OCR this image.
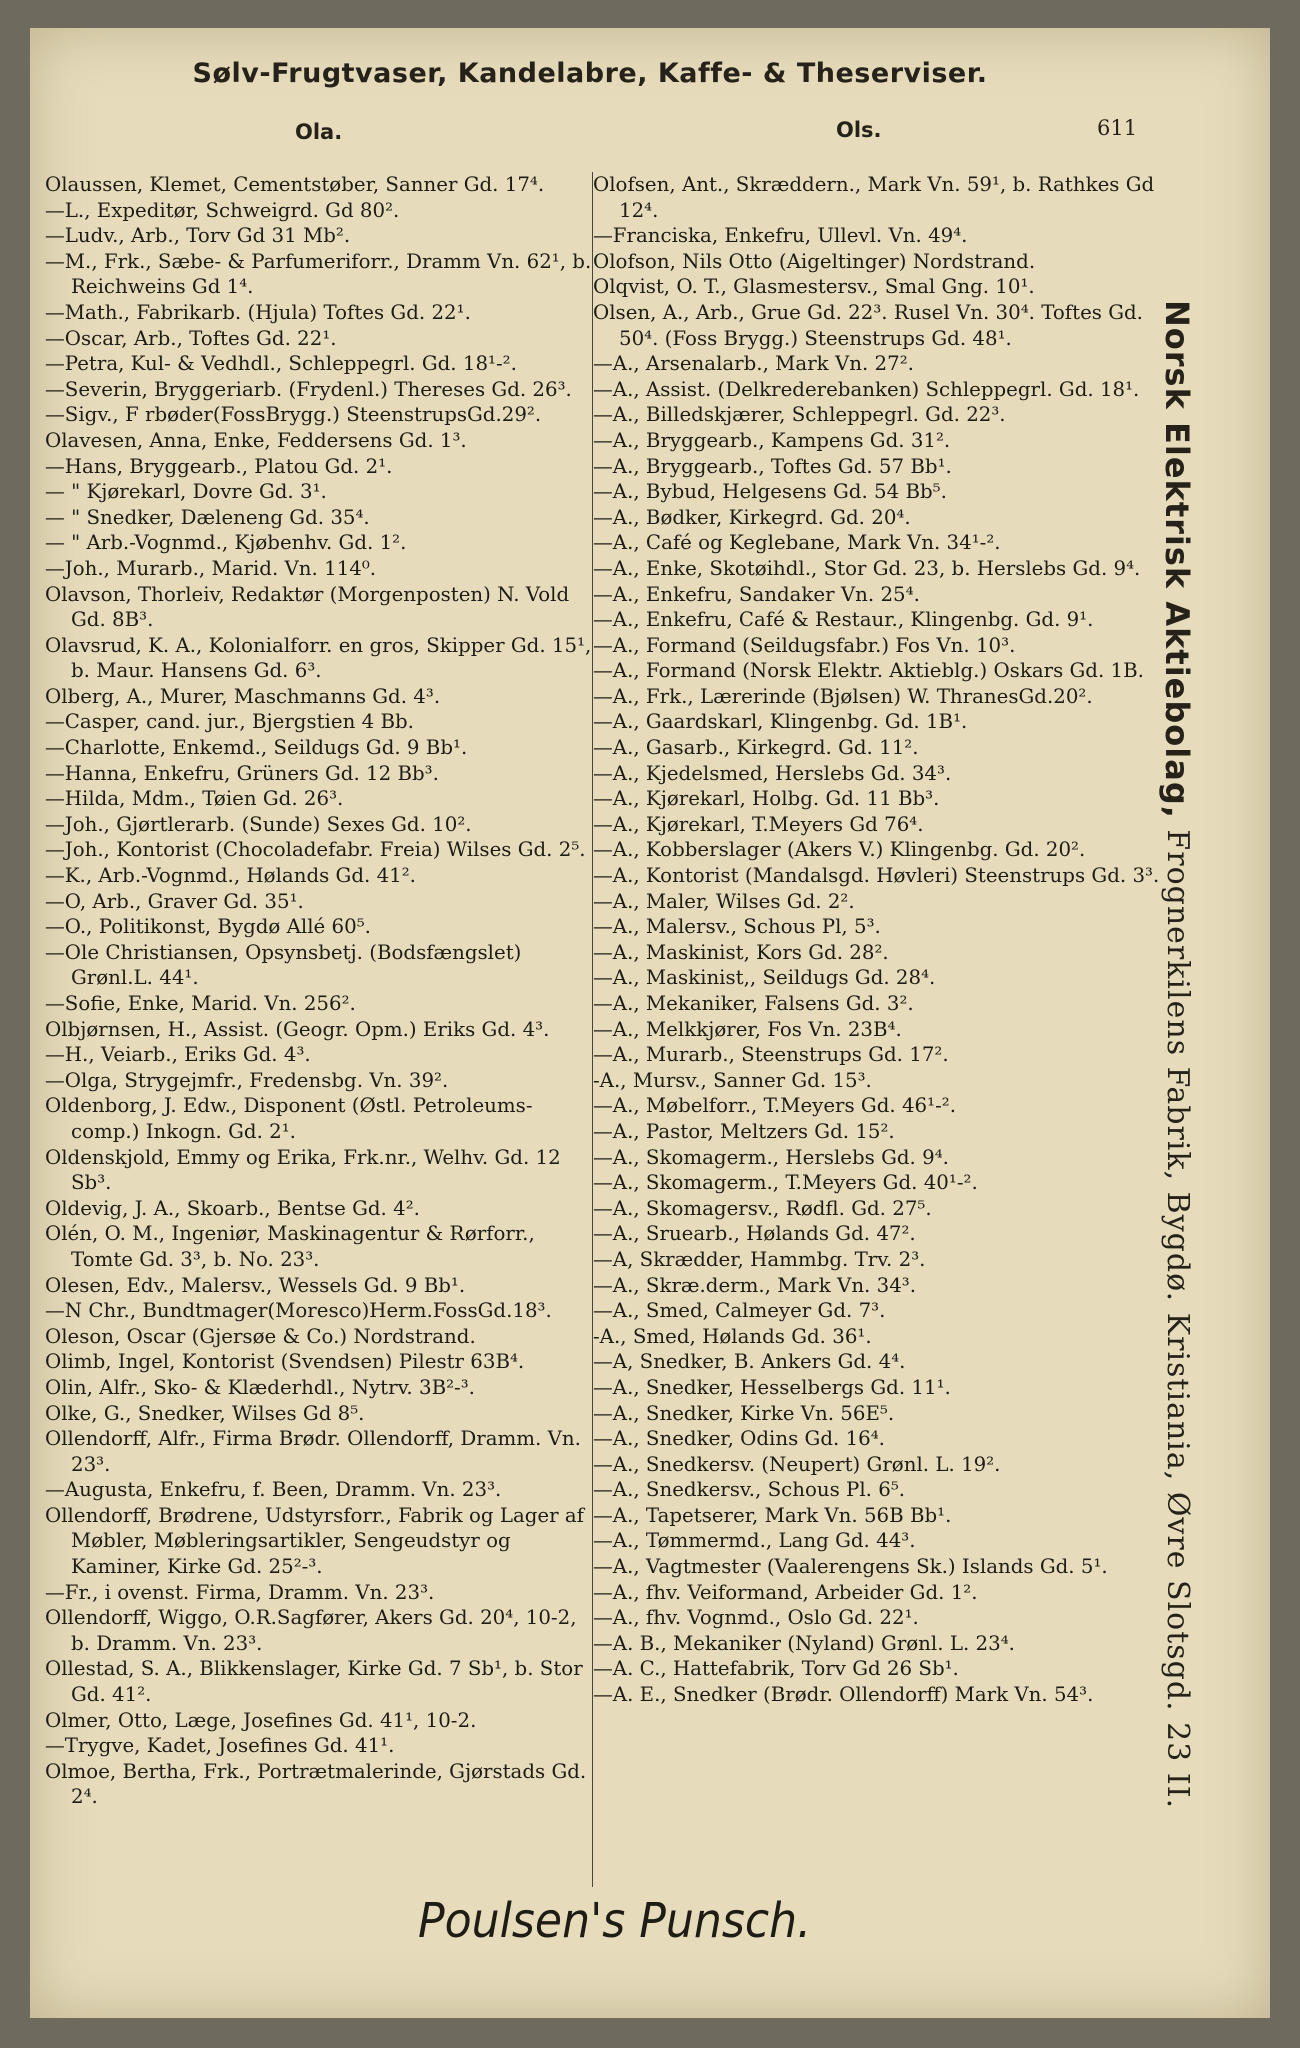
Sølv-Frugtvaser, Kandelabre, Kaffe- & Theserviser.
Ola.	Ols.	611
Olaussen, Klemet, Cementstøber, Sanner Gd. 17⁴.
—L., Expeditør, Schweigrd. Gd 80².
—Ludv., Arb., Torv Gd 31 Mb².
—M., Frk., Sæbe- & Parfumeriforr., Dramm Vn. 62¹, b. Reichweins Gd 1⁴.
—Math., Fabrikarb. (Hjula) Toftes Gd. 22¹.
—Oscar, Arb., Toftes Gd. 22¹.
—Petra, Kul- & Vedhdl., Schleppegrl. Gd. 18¹-².
—Severin, Bryggeriarb. (Frydenl.) Thereses Gd. 26³.
—Sigv., F rbøder(FossBrygg.) SteenstrupsGd.29².
Olavesen, Anna, Enke, Feddersens Gd. 1³.
—Hans, Bryggearb., Platou Gd. 2¹.
— " Kjørekarl, Dovre Gd. 3¹.
— " Snedker, Dæleneng Gd. 35⁴.
— " Arb.-Vognmd., Kjøbenhv. Gd. 1².
—Joh., Murarb., Marid. Vn. 114⁰.
Olavson, Thorleiv, Redaktør (Morgenposten) N. Vold Gd. 8B³.
Olavsrud, K. A., Kolonialforr. en gros, Skipper Gd. 15¹, b. Maur. Hansens Gd. 6³.
Olberg, A., Murer, Maschmanns Gd. 4³.
—Casper, cand. jur., Bjergstien 4 Bb.
—Charlotte, Enkemd., Seildugs Gd. 9 Bb¹.
—Hanna, Enkefru, Grüners Gd. 12 Bb³.
—Hilda, Mdm., Tøien Gd. 26³.
—Joh., Gjørtlerarb. (Sunde) Sexes Gd. 10².
—Joh., Kontorist (Chocoladefabr. Freia) Wilses Gd. 2⁵.
—K., Arb.-Vognmd., Hølands Gd. 41².
—O, Arb., Graver Gd. 35¹.
—O., Politikonst, Bygdø Allé 60⁵.
—Ole Christiansen, Opsynsbetj. (Bodsfængslet) Grønl.L. 44¹.
—Sofie, Enke, Marid. Vn. 256².
Olbjørnsen, H., Assist. (Geogr. Opm.) Eriks Gd. 4³.
—H., Veiarb., Eriks Gd. 4³.
—Olga, Strygejmfr., Fredensbg. Vn. 39².
Oldenborg, J. Edw., Disponent (Østl. Petroleums-comp.) Inkogn. Gd. 2¹.
Oldenskjold, Emmy og Erika, Frk.nr., Welhv. Gd. 12 Sb³.
Oldevig, J. A., Skoarb., Bentse Gd. 4².
Olén, O. M., Ingeniør, Maskinagentur & Rørforr., Tomte Gd. 3³, b. No. 23³.
Olesen, Edv., Malersv., Wessels Gd. 9 Bb¹.
—N Chr., Bundtmager(Moresco)Herm.FossGd.18³.
Oleson, Oscar (Gjersøe & Co.) Nordstrand.
Olimb, Ingel, Kontorist (Svendsen) Pilestr 63B⁴.
Olin, Alfr., Sko- & Klæderhdl., Nytrv. 3B²-³.
Olke, G., Snedker, Wilses Gd 8⁵.
Ollendorff, Alfr., Firma Brødr. Ollendorff, Dramm. Vn. 23³.
—Augusta, Enkefru, f. Been, Dramm. Vn. 23³.
Ollendorff, Brødrene, Udstyrsforr., Fabrik og Lager af Møbler, Møbleringsartikler, Sengeudstyr og Kaminer, Kirke Gd. 25²-³.
—Fr., i ovenst. Firma, Dramm. Vn. 23³.
Ollendorff, Wiggo, O.R.Sagfører, Akers Gd. 20⁴, 10-2, b. Dramm. Vn. 23³.
Ollestad, S. A., Blikkenslager, Kirke Gd. 7 Sb¹, b. Stor Gd. 41².
Olmer, Otto, Læge, Josefines Gd. 41¹, 10-2.
—Trygve, Kadet, Josefines Gd. 41¹.
Olmoe, Bertha, Frk., Portrætmalerinde, Gjørstads Gd. 2⁴.
Olofsen, Ant., Skræddern., Mark Vn. 59¹, b. Rathkes Gd 12⁴.
—Franciska, Enkefru, Ullevl. Vn. 49⁴.
Olofson, Nils Otto (Aigeltinger) Nordstrand.
Olqvist, O. T., Glasmestersv., Smal Gng. 10¹.
Olsen, A., Arb., Grue Gd. 22³. Rusel Vn. 30⁴. Toftes Gd. 50⁴. (Foss Brygg.) Steenstrups Gd. 48¹.
—A., Arsenalarb., Mark Vn. 27².
—A., Assist. (Delkrederebanken) Schleppegrl. Gd. 18¹.
—A., Billedskjærer, Schleppegrl. Gd. 22³.
—A., Bryggearb., Kampens Gd. 31².
—A., Bryggearb., Toftes Gd. 57 Bb¹.
—A., Bybud, Helgesens Gd. 54 Bb⁵.
—A., Bødker, Kirkegrd. Gd. 20⁴.
—A., Café og Keglebane, Mark Vn. 34¹-².
—A., Enke, Skotøihdl., Stor Gd. 23, b. Herslebs Gd. 9⁴.
—A., Enkefru, Sandaker Vn. 25⁴.
—A., Enkefru, Café & Restaur., Klingenbg. Gd. 9¹.
—A., Formand (Seildugsfabr.) Fos Vn. 10³.
—A., Formand (Norsk Elektr. Aktieblg.) Oskars Gd. 1B.
—A., Frk., Lærerinde (Bjølsen) W. ThranesGd.20².
—A., Gaardskarl, Klingenbg. Gd. 1B¹.
—A., Gasarb., Kirkegrd. Gd. 11².
—A., Kjedelsmed, Herslebs Gd. 34³.
—A., Kjørekarl, Holbg. Gd. 11 Bb³.
—A., Kjørekarl, T.Meyers Gd 76⁴.
—A., Kobberslager (Akers V.) Klingenbg. Gd. 20².
—A., Kontorist (Mandalsgd. Høvleri) Steenstrups Gd. 3³.
—A., Maler, Wilses Gd. 2².
—A., Malersv., Schous Pl, 5³.
—A., Maskinist, Kors Gd. 28².
—A., Maskinist,, Seildugs Gd. 28⁴.
—A., Mekaniker, Falsens Gd. 3².
—A., Melkkjører, Fos Vn. 23B⁴.
—A., Murarb., Steenstrups Gd. 17².
-A., Mursv., Sanner Gd. 15³.
—A., Møbelforr., T.Meyers Gd. 46¹-².
—A., Pastor, Meltzers Gd. 15².
—A., Skomagerm., Herslebs Gd. 9⁴.
—A., Skomagerm., T.Meyers Gd. 40¹-².
—A., Skomagersv., Rødfl. Gd. 27⁵.
—A., Sruearb., Hølands Gd. 47².
—A, Skrædder, Hammbg. Trv. 2³.
—A., Skræ.derm., Mark Vn. 34³.
—A., Smed, Calmeyer Gd. 7³.
-A., Smed, Hølands Gd. 36¹.
—A, Snedker, B. Ankers Gd. 4⁴.
—A., Snedker, Hesselbergs Gd. 11¹.
—A., Snedker, Kirke Vn. 56E⁵.
—A., Snedker, Odins Gd. 16⁴.
—A., Snedkersv. (Neupert) Grønl. L. 19².
—A., Snedkersv., Schous Pl. 6⁵.
—A., Tapetserer, Mark Vn. 56B Bb¹.
—A., Tømmermd., Lang Gd. 44³.
—A., Vagtmester (Vaalerengens Sk.) Islands Gd. 5¹.
—A., fhv. Veiformand, Arbeider Gd. 1².
—A., fhv. Vognmd., Oslo Gd. 22¹.
—A. B., Mekaniker (Nyland) Grønl. L. 23⁴.
—A. C., Hattefabrik, Torv Gd 26 Sb¹.
—A. E., Snedker (Brødr. Ollendorff) Mark Vn. 54³.
Norsk Elektrisk Aktiebolag, Frognerkilens Fabrik, Bygdø. Kristiania, Øvre Slotsgd. 23 II.
Poulsen's Punsch.
